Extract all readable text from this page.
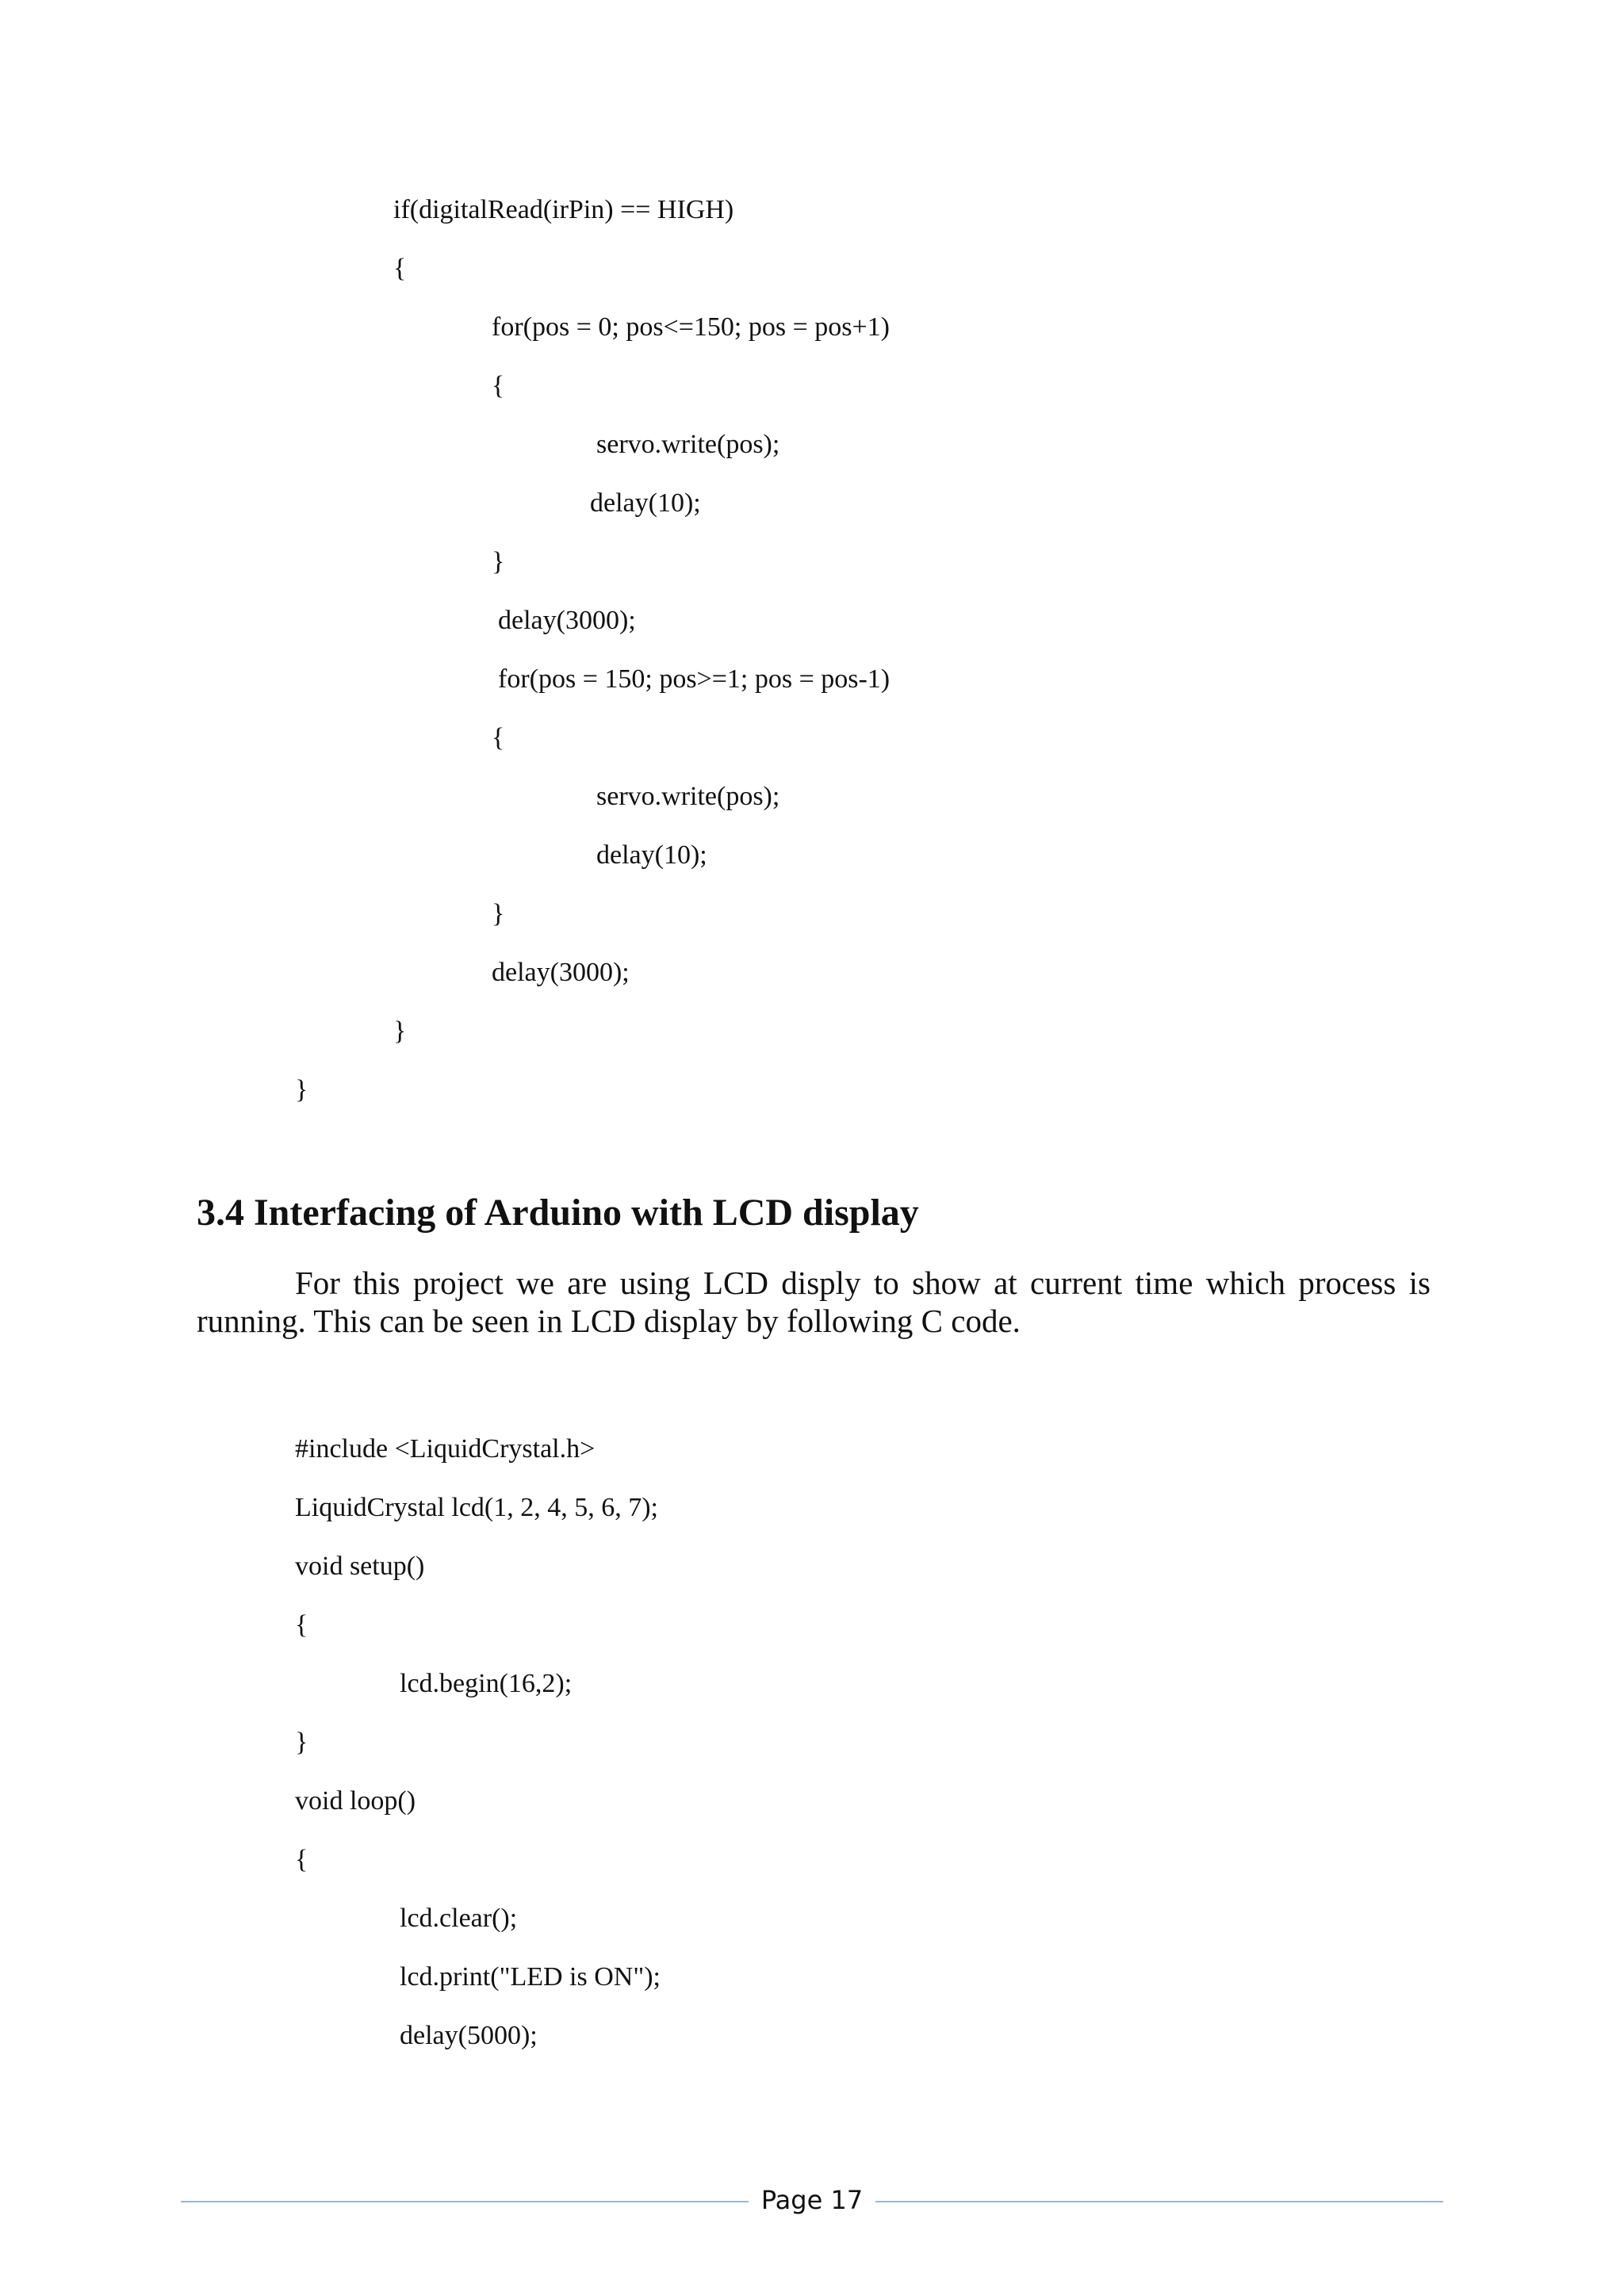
if(digitalRead(irPin) == HIGH)
{
for(pos = 0; pos<=150; pos = pos+1)
{
servo.write(pos);
delay(10);
}
delay(3000);
for(pos = 150; pos>=1; pos = pos-1)
{
servo.write(pos);
delay(10);
}
delay(3000);
}
}
3.4 Interfacing of Arduino with LCD display
For this project we are using LCD disply to show at current time which process is
running. This can be seen in LCD display by following C code.
#include <LiquidCrystal.h>
LiquidCrystal lcd(1, 2, 4, 5, 6, 7);
void setup()
{
lcd.begin(16,2);
}
void loop()
{
lcd.clear();
lcd.print("LED is ON");
delay(5000);
Page 17
